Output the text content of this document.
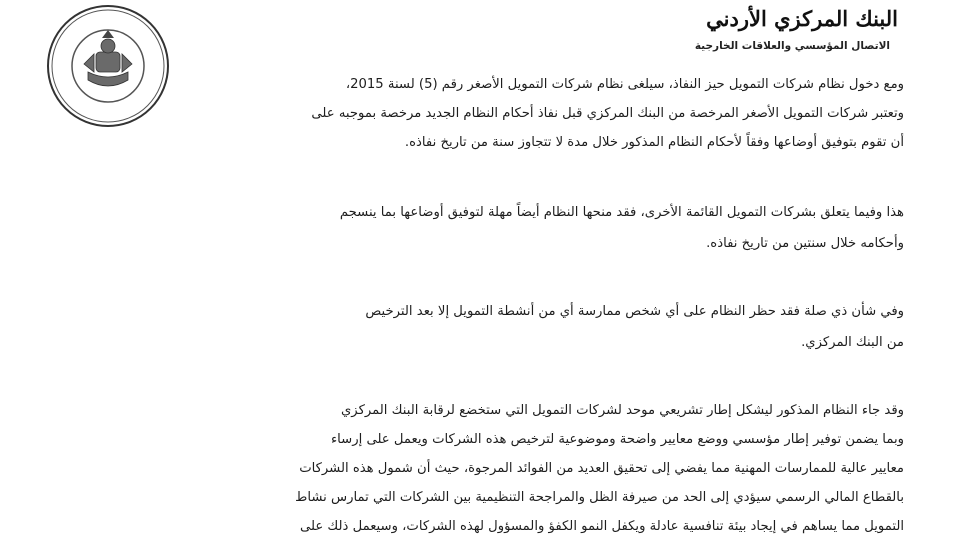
البنك المركزي الأردني
الاتصال المؤسسي والعلاقات الخارجية
ومع دخول نظام شركات التمويل حيز النفاذ، سيلغى نظام شركات التمويل الأصغر رقم (5) لسنة 2015،
وتعتبر شركات التمويل الأصغر المرخصة من البنك المركزي قبل نفاذ أحكام النظام الجديد مرخصة بموجبه على
أن تقوم بتوفيق أوضاعها وفقاً لأحكام النظام المذكور خلال مدة لا تتجاوز سنة من تاريخ نفاذه.
هذا وفيما يتعلق بشركات التمويل القائمة الأخرى، فقد منحها النظام أيضاً مهلة لتوفيق أوضاعها بما ينسجم
وأحكامه خلال سنتين من تاريخ نفاذه.
وفي شأن ذي صلة فقد حظر النظام على أي شخص ممارسة أي من أنشطة التمويل إلا بعد الترخيص
من البنك المركزي.
وقد جاء النظام المذكور ليشكل إطار تشريعي موحد لشركات التمويل التي ستخضع لرقابة البنك المركزي
وبما يضمن توفير إطار مؤسسي ووضع معايير واضحة وموضوعية لترخيص هذه الشركات ويعمل على إرساء
معايير عالية للممارسات المهنية مما يفضي إلى تحقيق العديد من الفوائد المرجوة، حيث أن شمول هذه الشركات
بالقطاع المالي الرسمي سيؤدي إلى الحد من صيرفة الظل والمراجحة التنظيمية بين الشركات التي تمارس نشاط
التمويل مما يساهم في إيجاد بيئة تنافسية عادلة ويكفل النمو الكفؤ والمسؤول لهذه الشركات، وسيعمل ذلك على
